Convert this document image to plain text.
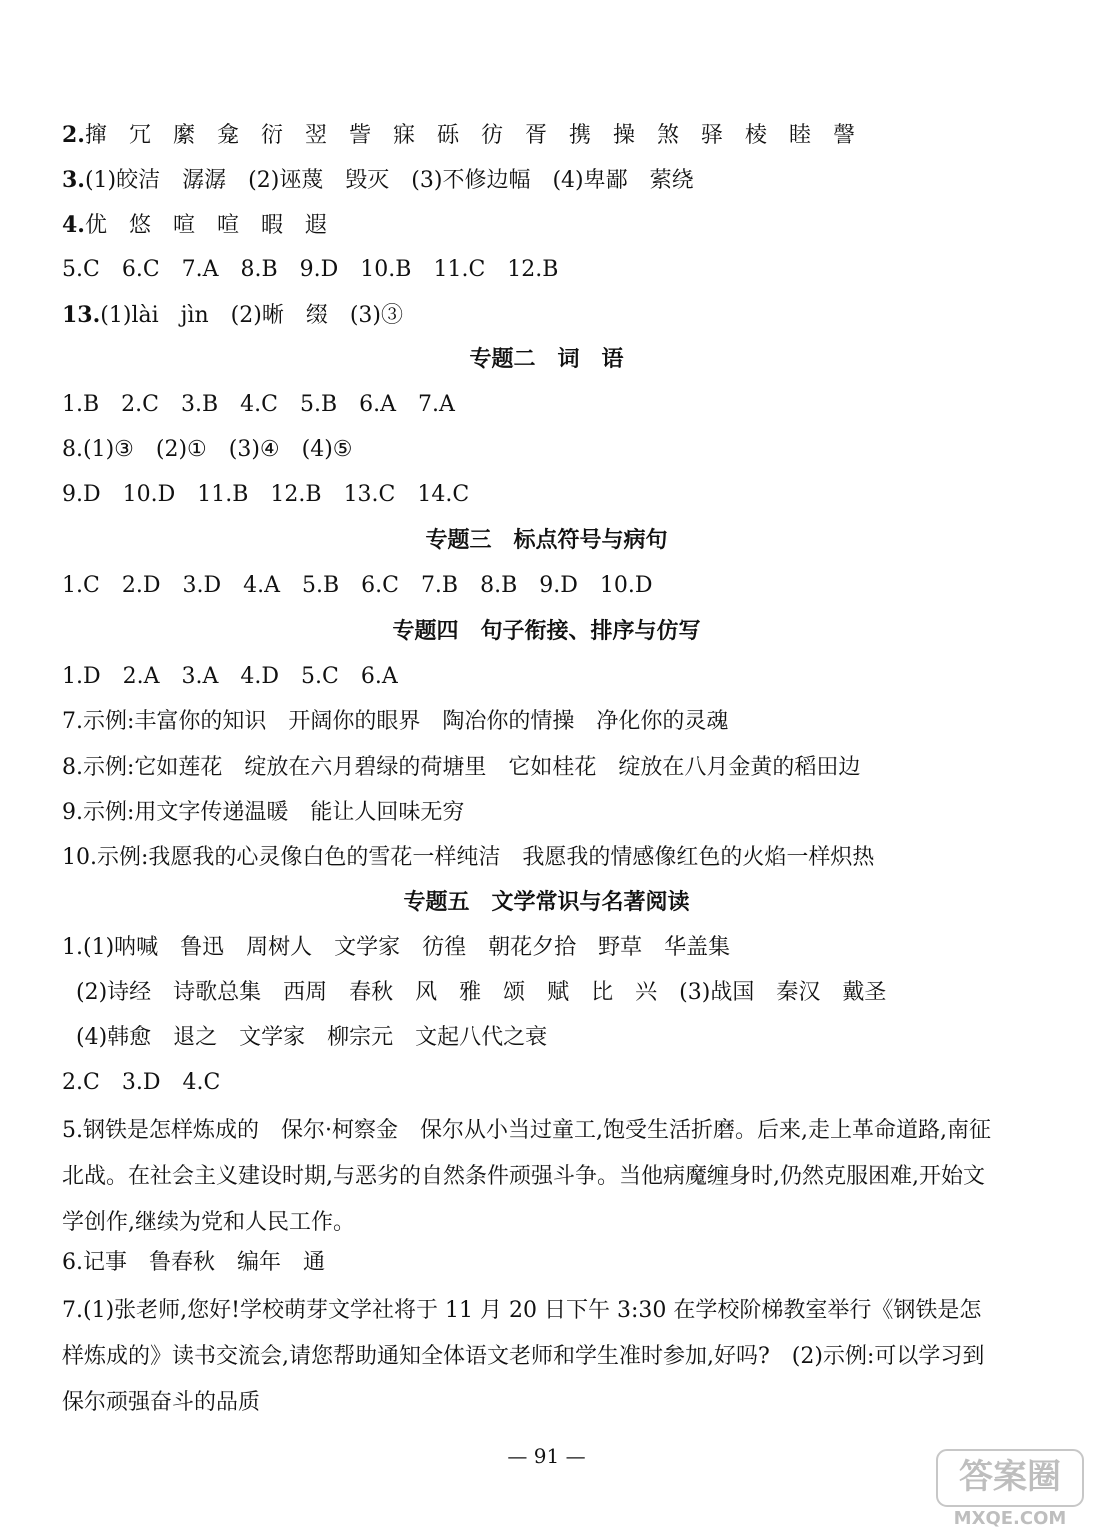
2.撺　冗　縻　龛　衍　翌　訾　寐　砾　彷　胥　携　操　煞　驿　棱　睦　謦
3.(1)皎洁　潺潺　(2)诬蔑　毁灭　(3)不修边幅　(4)卑鄙　萦绕
4.优　悠　喧　喧　暇　遐
5.C　6.C　7.A　8.B　9.D　10.B　11.C　12.B
13.(1)lài　jìn　(2)晰　缀　(3)③
专题二　词　语
1.B　2.C　3.B　4.C　5.B　6.A　7.A
8.(1)③　(2)①　(3)④　(4)⑤
9.D　10.D　11.B　12.B　13.C　14.C
专题三　标点符号与病句
1.C　2.D　3.D　4.A　5.B　6.C　7.B　8.B　9.D　10.D
专题四　句子衔接、排序与仿写
1.D　2.A　3.A　4.D　5.C　6.A
7.示例:丰富你的知识　开阔你的眼界　陶冶你的情操　净化你的灵魂
8.示例:它如莲花　绽放在六月碧绿的荷塘里　它如桂花　绽放在八月金黄的稻田边
9.示例:用文字传递温暖　能让人回味无穷
10.示例:我愿我的心灵像白色的雪花一样纯洁　我愿我的情感像红色的火焰一样炽热
专题五　文学常识与名著阅读
1.(1)呐喊　鲁迅　周树人　文学家　彷徨　朝花夕拾　野草　华盖集
(2)诗经　诗歌总集　西周　春秋　风　雅　颂　赋　比　兴　(3)战国　秦汉　戴圣
(4)韩愈　退之　文学家　柳宗元　文起八代之衰
2.C　3.D　4.C
5.钢铁是怎样炼成的　保尔·柯察金　保尔从小当过童工,饱受生活折磨。后来,走上革命道路,南征北战。在社会主义建设时期,与恶劣的自然条件顽强斗争。当他病魔缠身时,仍然克服困难,开始文学创作,继续为党和人民工作。
6.记事　鲁春秋　编年　通
7.(1)张老师,您好!学校萌芽文学社将于 11 月 20 日下午 3:30 在学校阶梯教室举行《钢铁是怎样炼成的》读书交流会,请您帮助通知全体语文老师和学生准时参加,好吗?　(2)示例:可以学习到保尔顽强奋斗的品质
— 91 —
答案圈
MXQE.COM
